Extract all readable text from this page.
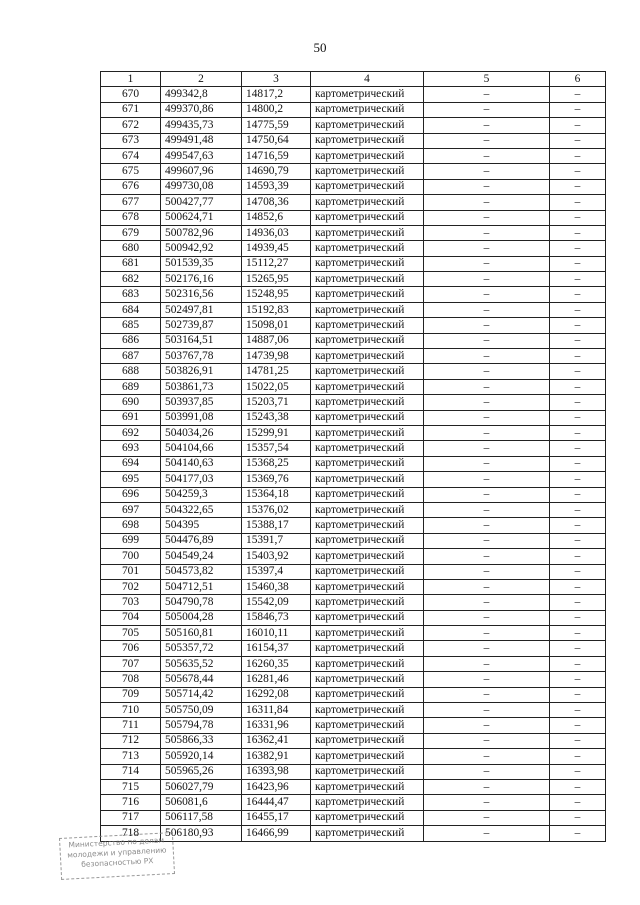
50
1	2	3	4	5	6
670	499342,8	14817,2	картометрический	–	–
671	499370,86	14800,2	картометрический	–	–
672	499435,73	14775,59	картометрический	–	–
673	499491,48	14750,64	картометрический	–	–
674	499547,63	14716,59	картометрический	–	–
675	499607,96	14690,79	картометрический	–	–
676	499730,08	14593,39	картометрический	–	–
677	500427,77	14708,36	картометрический	–	–
678	500624,71	14852,6	картометрический	–	–
679	500782,96	14936,03	картометрический	–	–
680	500942,92	14939,45	картометрический	–	–
681	501539,35	15112,27	картометрический	–	–
682	502176,16	15265,95	картометрический	–	–
683	502316,56	15248,95	картометрический	–	–
684	502497,81	15192,83	картометрический	–	–
685	502739,87	15098,01	картометрический	–	–
686	503164,51	14887,06	картометрический	–	–
687	503767,78	14739,98	картометрический	–	–
688	503826,91	14781,25	картометрический	–	–
689	503861,73	15022,05	картометрический	–	–
690	503937,85	15203,71	картометрический	–	–
691	503991,08	15243,38	картометрический	–	–
692	504034,26	15299,91	картометрический	–	–
693	504104,66	15357,54	картометрический	–	–
694	504140,63	15368,25	картометрический	–	–
695	504177,03	15369,76	картометрический	–	–
696	504259,3	15364,18	картометрический	–	–
697	504322,65	15376,02	картометрический	–	–
698	504395	15388,17	картометрический	–	–
699	504476,89	15391,7	картометрический	–	–
700	504549,24	15403,92	картометрический	–	–
701	504573,82	15397,4	картометрический	–	–
702	504712,51	15460,38	картометрический	–	–
703	504790,78	15542,09	картометрический	–	–
704	505004,28	15846,73	картометрический	–	–
705	505160,81	16010,11	картометрический	–	–
706	505357,72	16154,37	картометрический	–	–
707	505635,52	16260,35	картометрический	–	–
708	505678,44	16281,46	картометрический	–	–
709	505714,42	16292,08	картометрический	–	–
710	505750,09	16311,84	картометрический	–	–
711	505794,78	16331,96	картометрический	–	–
712	505866,33	16362,41	картометрический	–	–
713	505920,14	16382,91	картометрический	–	–
714	505965,26	16393,98	картометрический	–	–
715	506027,79	16423,96	картометрический	–	–
716	506081,6	16444,47	картометрический	–	–
717	506117,58	16455,17	картометрический	–	–
718	506180,93	16466,99	картометрический	–	–
Министерство по делам
молодежи и управлению
безопасностью РХ
